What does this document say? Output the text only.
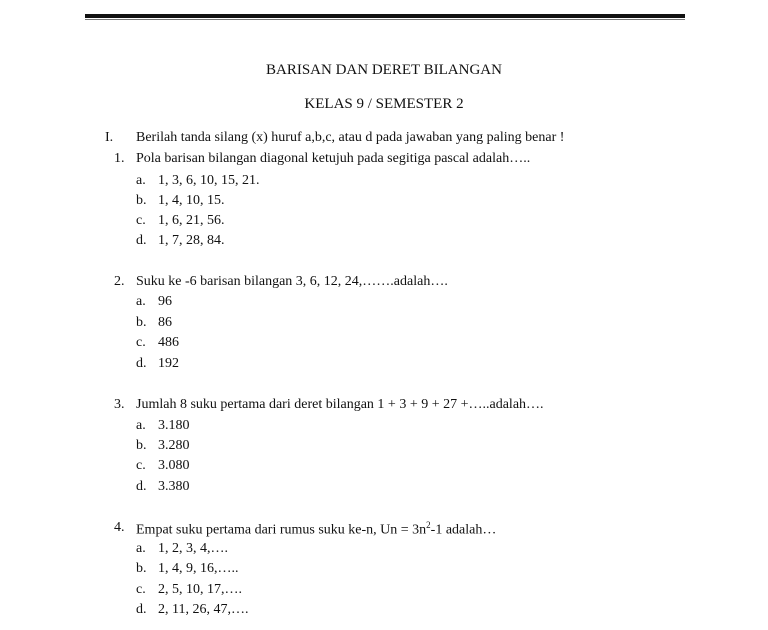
BARISAN DAN DERET BILANGAN
KELAS 9 / SEMESTER 2
I. Berilah tanda silang (x) huruf a,b,c, atau d pada jawaban yang paling benar !
1. Pola barisan bilangan diagonal ketujuh pada segitiga pascal adalah…..
a. 1, 3, 6, 10, 15, 21.
b. 1, 4, 10, 15.
c. 1, 6, 21, 56.
d. 1, 7, 28, 84.
2. Suku ke -6 barisan bilangan 3, 6, 12, 24,…….adalah….
a. 96
b. 86
c. 486
d. 192
3. Jumlah 8 suku pertama dari deret bilangan 1 + 3 + 9 + 27 +…..adalah….
a. 3.180
b. 3.280
c. 3.080
d. 3.380
4. Empat suku pertama dari rumus suku ke-n, $Un = 3n^2-1$ adalah…
a. 1, 2, 3, 4,….
b. 1, 4, 9, 16,…..
c. 2, 5, 10, 17,….
d. 2, 11, 26, 47,….
